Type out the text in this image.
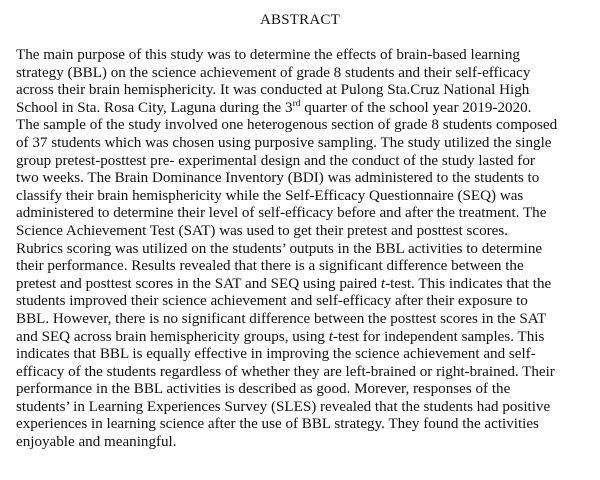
ABSTRACT
The main purpose of this study was to determine the effects of brain-based learning
strategy (BBL) on the science achievement of grade 8 students and their self-efficacy
across their brain hemisphericity. It was conducted at Pulong Sta.Cruz National High
School in Sta. Rosa City, Laguna during the 3rd quarter of the school year 2019-2020.
The sample of the study involved one heterogenous section of grade 8 students composed
of 37 students which was chosen using purposive sampling. The study utilized the single
group pretest-posttest pre- experimental design and the conduct of the study lasted for
two weeks. The Brain Dominance Inventory (BDI) was administered to the students to
classify their brain hemisphericity while the Self-Efficacy Questionnaire (SEQ) was
administered to determine their level of self-efficacy before and after the treatment. The
Science Achievement Test (SAT) was used to get their pretest and posttest scores.
Rubrics scoring was utilized on the students’ outputs in the BBL activities to determine
their performance. Results revealed that there is a significant difference between the
pretest and posttest scores in the SAT and SEQ using paired t-test. This indicates that the
students improved their science achievement and self-efficacy after their exposure to
BBL. However, there is no significant difference between the posttest scores in the SAT
and SEQ across brain hemisphericity groups, using t-test for independent samples. This
indicates that BBL is equally effective in improving the science achievement and self-
efficacy of the students regardless of whether they are left-brained or right-brained. Their
performance in the BBL activities is described as good. Morever, responses of the
students’ in Learning Experiences Survey (SLES) revealed that the students had positive
experiences in learning science after the use of BBL strategy. They found the activities
enjoyable and meaningful.
